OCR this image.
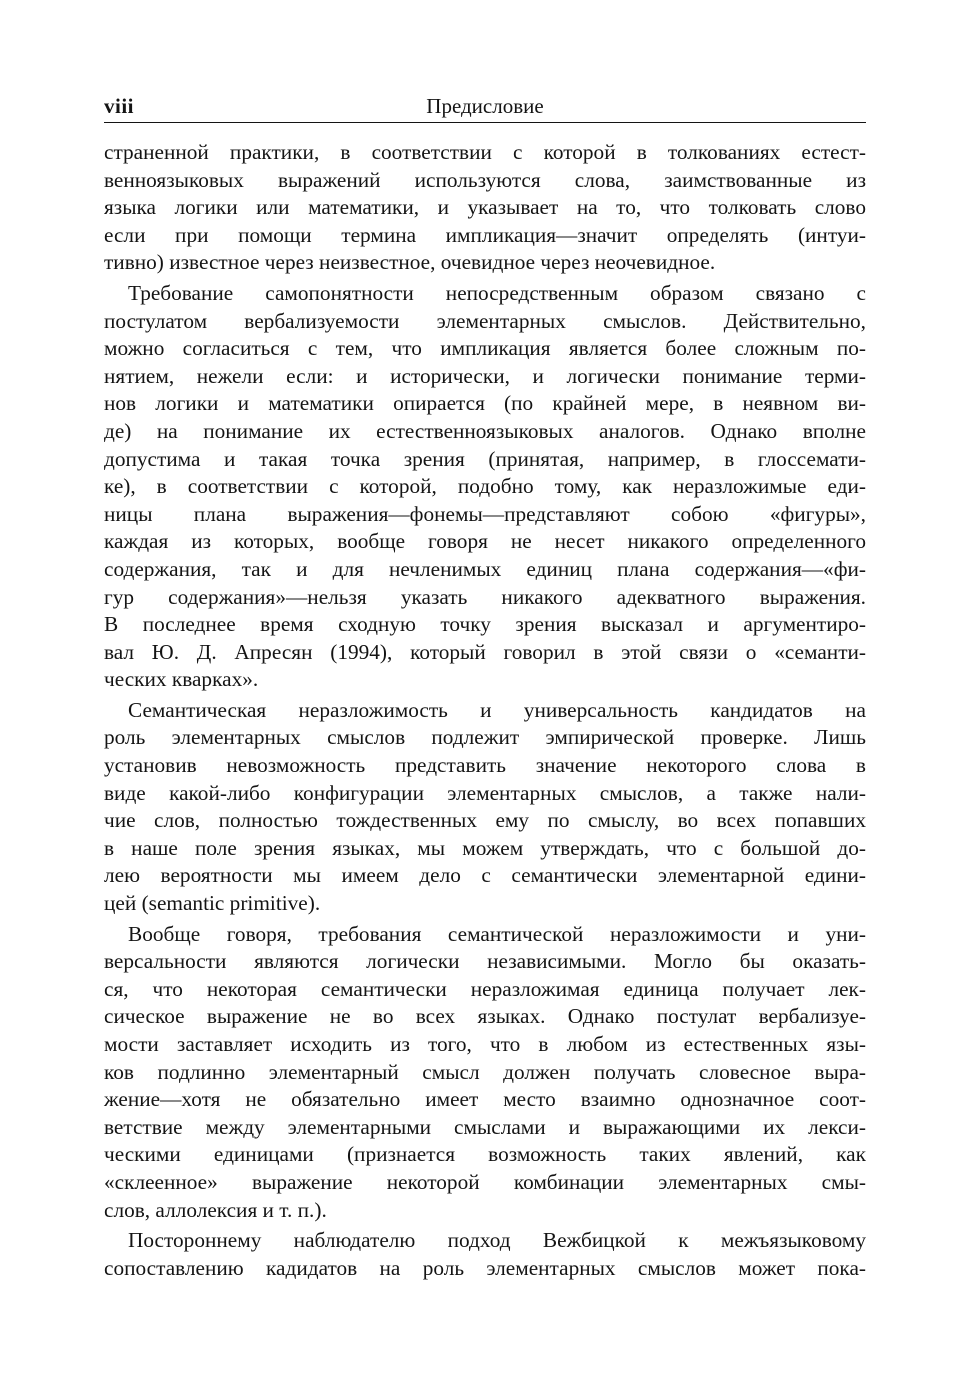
viii	Предисловие
страненной практики, в соответствии с которой в толкованиях естест-
венноязыковых выражений используются слова, заимствованные из
языка логики или математики, и указывает на то, что толковать слово
если при помощи термина импликация—значит определять (интуи-
тивно) известное через неизвестное, очевидное через неочевидное.
Требование самопонятности непосредственным образом связано с
постулатом вербализуемости элементарных смыслов. Действительно,
можно согласиться с тем, что импликация является более сложным по-
нятием, нежели если: и исторически, и логически понимание терми-
нов логики и математики опирается (по крайней мере, в неявном ви-
де) на понимание их естественноязыковых аналогов. Однако вполне
допустима и такая точка зрения (принятая, например, в глоссемати-
ке), в соответствии с которой, подобно тому, как неразложимые еди-
ницы плана выражения—фонемы—представляют собою «фигуры»,
каждая из которых, вообще говоря не несет никакого определенного
содержания, так и для нечленимых единиц плана содержания—«фи-
гур содержания»—нельзя указать никакого адекватного выражения.
В последнее время сходную точку зрения высказал и аргументиро-
вал Ю. Д. Апресян (1994), который говорил в этой связи о «семанти-
ческих кварках».
Семантическая неразложимость и универсальность кандидатов на
роль элементарных смыслов подлежит эмпирической проверке. Лишь
установив невозможность представить значение некоторого слова в
виде какой-либо конфигурации элементарных смыслов, а также нали-
чие слов, полностью тождественных ему по смыслу, во всех попавших
в наше поле зрения языках, мы можем утверждать, что с большой до-
лею вероятности мы имеем дело с семантически элементарной едини-
цей (semantic primitive).
Вообще говоря, требования семантической неразложимости и уни-
версальности являются логически независимыми. Могло бы оказать-
ся, что некоторая семантически неразложимая единица получает лек-
сическое выражение не во всех языках. Однако постулат вербализуе-
мости заставляет исходить из того, что в любом из естественных язы-
ков подлинно элементарный смысл должен получать словесное выра-
жение—хотя не обязательно имеет место взаимно однозначное соот-
ветствие между элементарными смыслами и выражающими их лекси-
ческими единицами (признается возможность таких явлений, как
«склеенное» выражение некоторой комбинации элементарных смы-
слов, аллолексия и т. п.).
Постороннему наблюдателю подход Вежбицкой к межъязыковому
сопоставлению кадидатов на роль элементарных смыслов может пока-
